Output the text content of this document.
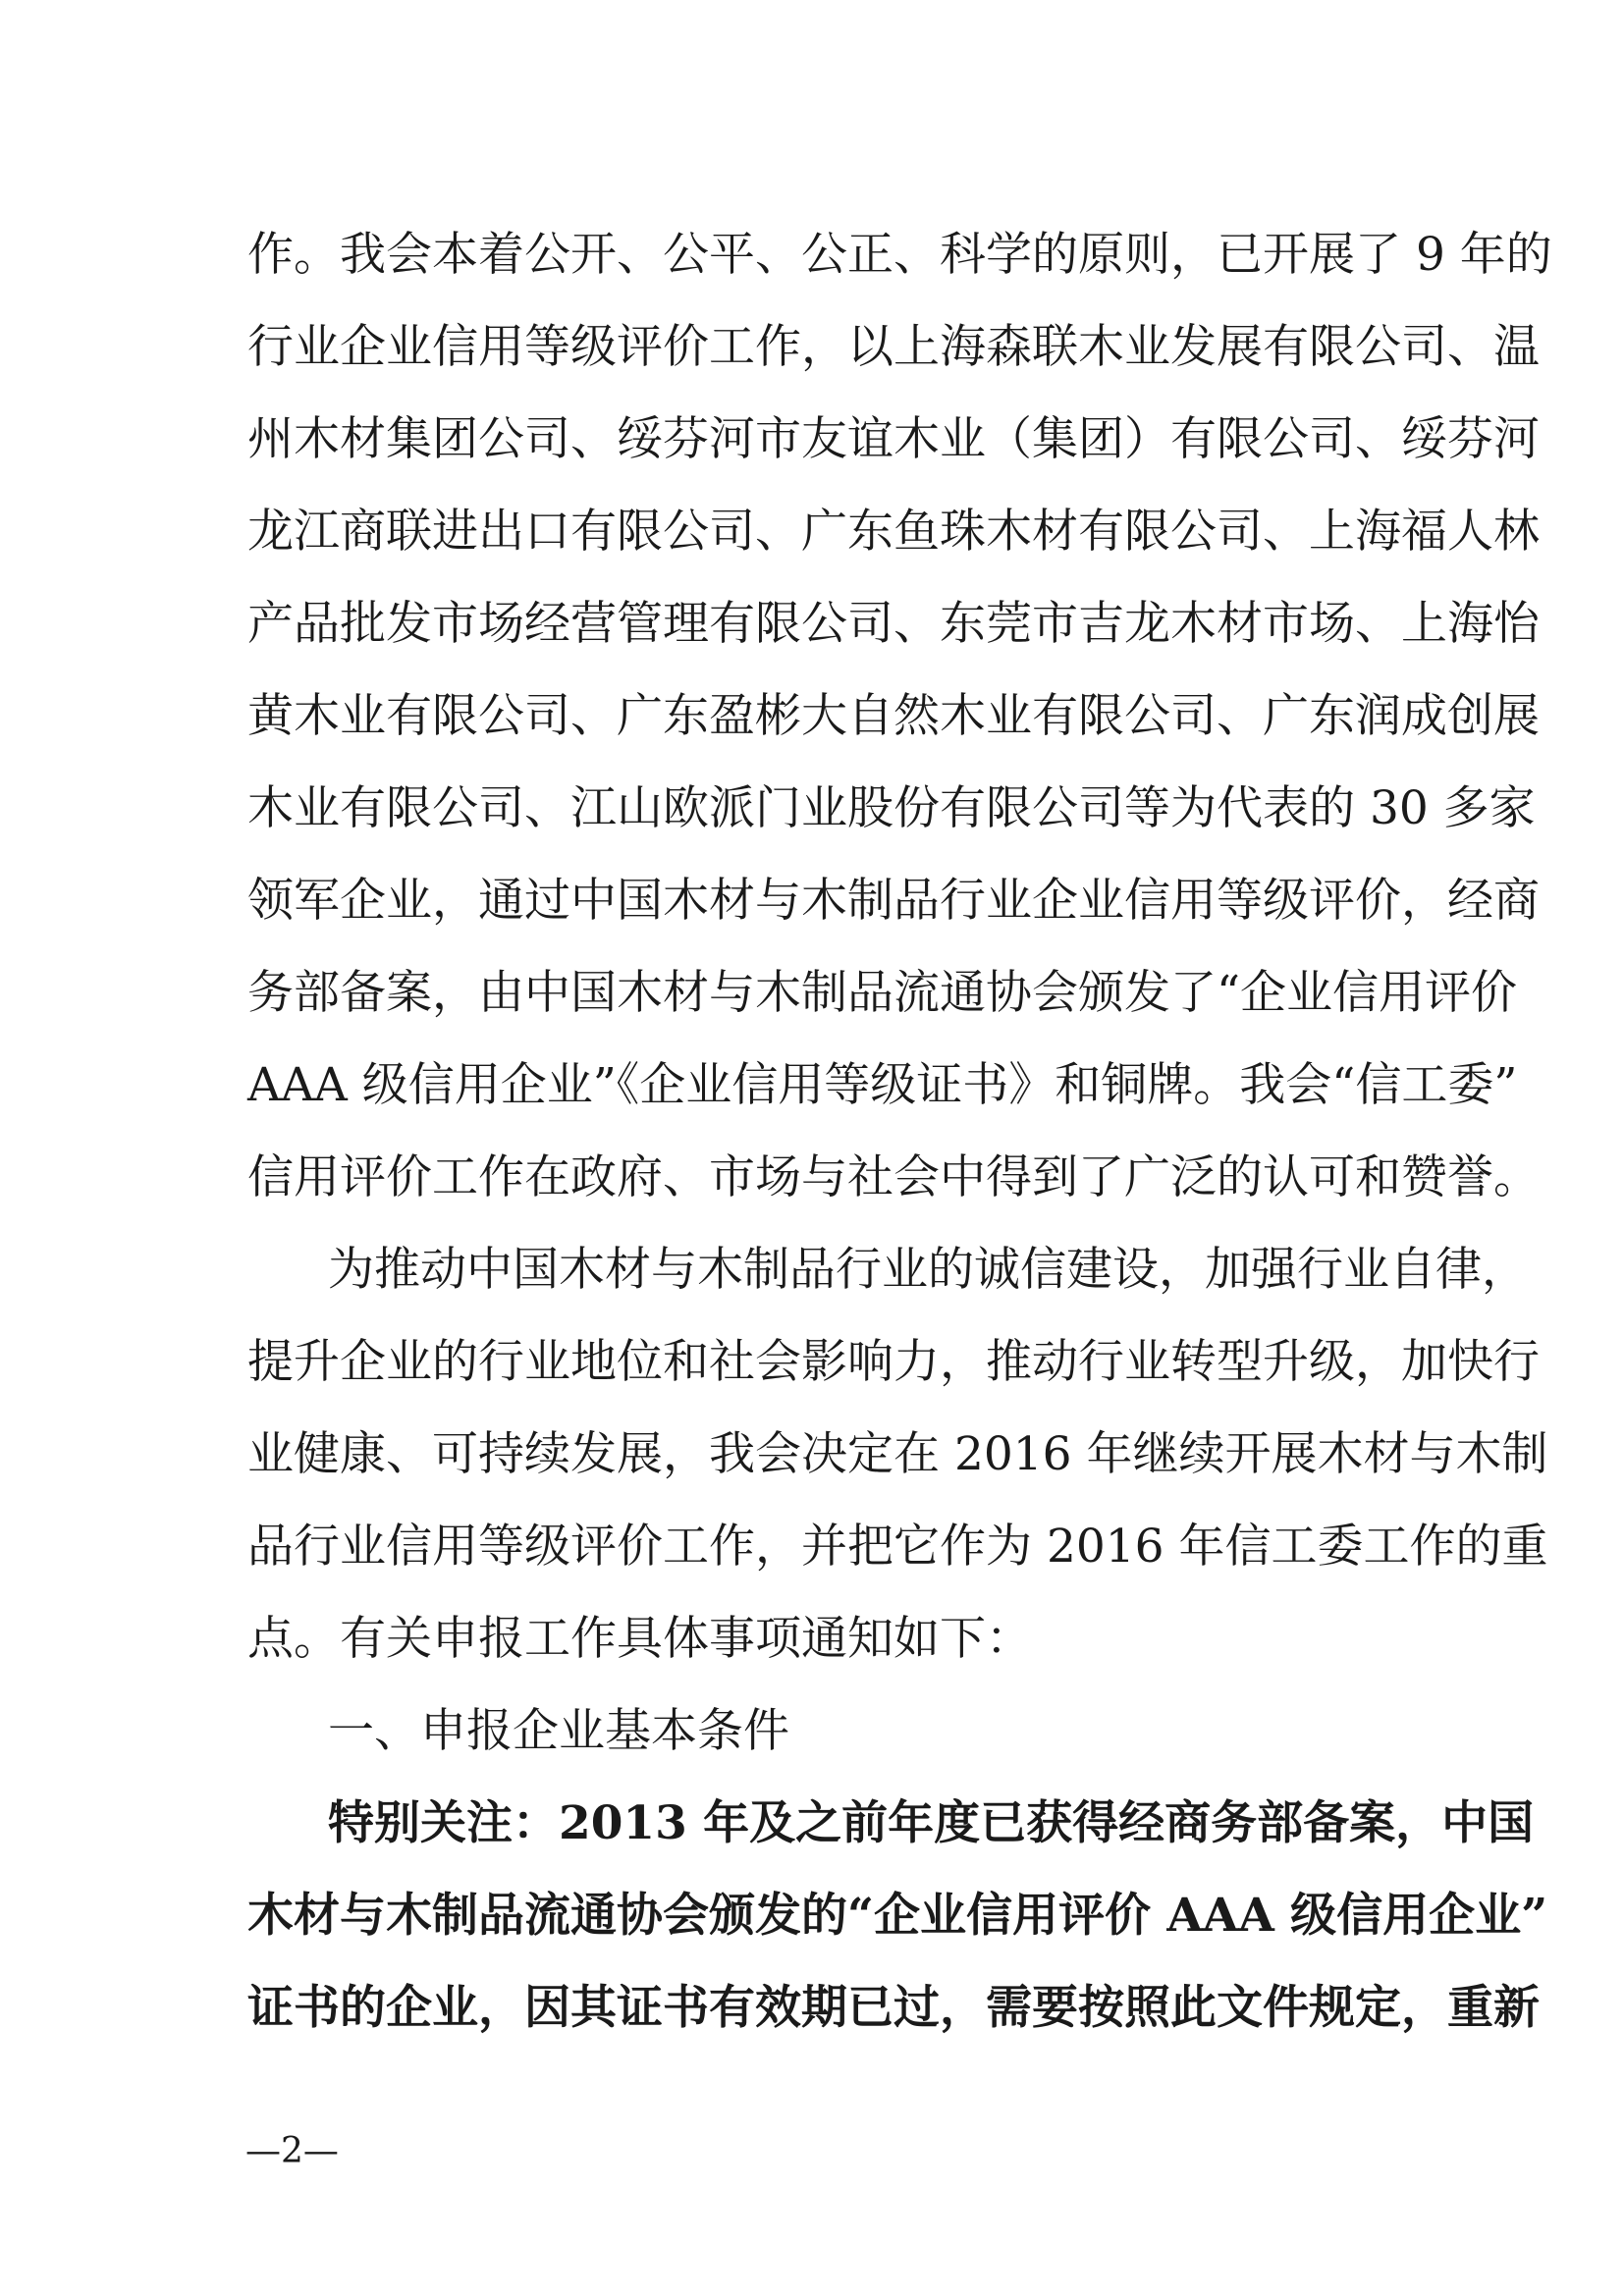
作。我会本着公开、公平、公正、科学的原则，已开展了 9 年的
行业企业信用等级评价工作，以上海森联木业发展有限公司、温
州木材集团公司、绥芬河市友谊木业（集团）有限公司、绥芬河
龙江商联进出口有限公司、广东鱼珠木材有限公司、上海福人林
产品批发市场经营管理有限公司、东莞市吉龙木材市场、上海怡
黄木业有限公司、广东盈彬大自然木业有限公司、广东润成创展
木业有限公司、江山欧派门业股份有限公司等为代表的 30 多家
领军企业，通过中国木材与木制品行业企业信用等级评价，经商
务部备案，由中国木材与木制品流通协会颁发了“企业信用评价
AAA 级信用企业”《企业信用等级证书》和铜牌。我会“信工委”
信用评价工作在政府、市场与社会中得到了广泛的认可和赞誉。
为推动中国木材与木制品行业的诚信建设，加强行业自律，
提升企业的行业地位和社会影响力，推动行业转型升级，加快行
业健康、可持续发展，我会决定在 2016 年继续开展木材与木制
品行业信用等级评价工作，并把它作为 2016 年信工委工作的重
点。有关申报工作具体事项通知如下：
一、申报企业基本条件
特别关注：2013 年及之前年度已获得经商务部备案，中国
木材与木制品流通协会颁发的“企业信用评价 AAA 级信用企业”
证书的企业，因其证书有效期已过，需要按照此文件规定，重新
—2—
